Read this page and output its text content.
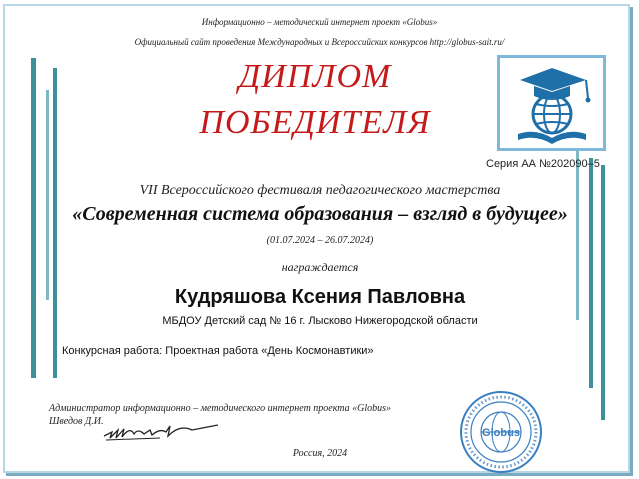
Информационно – методический интернет проект «Globus»
Официальный сайт проведения Международных и Всероссийских конкурсов http://globus-sait.ru/
ДИПЛОМ
ПОБЕДИТЕЛЯ
Серия АА №202090–5
VII Всероссийского фестиваля педагогического мастерства
«Современная система образования – взгляд в будущее»
(01.07.2024 – 26.07.2024)
награждается
Кудряшова Ксения Павловна
МБДОУ Детский сад № 16 г. Лысково Нижегородской области
Конкурсная работа: Проектная работа «День Космонавтики»
Администратор информационно – методического интернет проекта «Globus»
Шведов Д.И.
Россия, 2024
Globus
